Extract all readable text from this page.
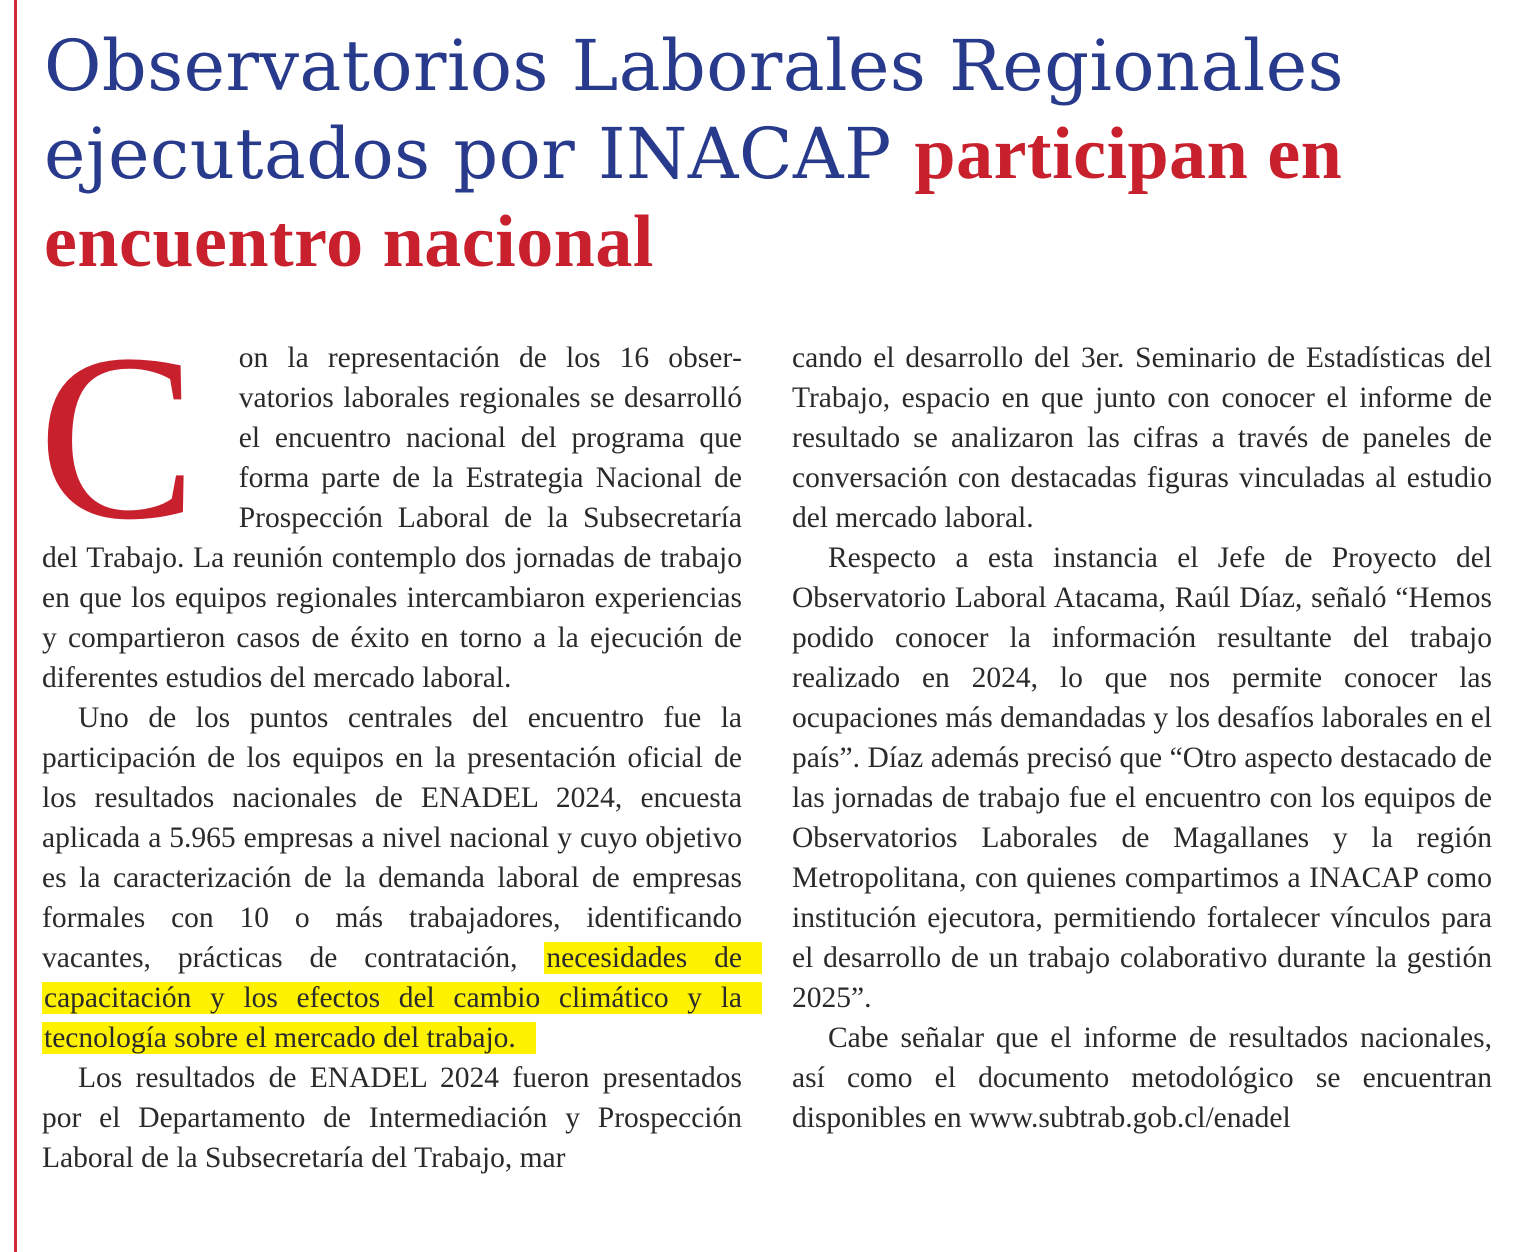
Observatorios Laborales Regionales ejecutados por INACAP participan en encuentro nacional

C on la representación de los 16 observatorios laborales regionales se desarrolló el encuentro nacional del programa que forma parte de la Estrategia Nacional de Prospección Laboral de la Subsecretaría del Trabajo. La reunión contemplo dos jornadas de trabajo en que los equipos regionales intercambiaron experiencias y compartieron casos de éxito en torno a la ejecución de diferentes estudios del mercado laboral.

Uno de los puntos centrales del encuentro fue la participación de los equipos en la presentación oficial de los resultados nacionales de ENADEL 2024, encuesta aplicada a 5.965 empresas a nivel nacional y cuyo objetivo es la caracterización de la demanda laboral de empresas formales con 10 o más trabajadores, identificando vacantes, prácticas de contratación, necesidades de capacitación y los efectos del cambio climático y la tecnología sobre el mercado del trabajo.

Los resultados de ENADEL 2024 fueron presentados por el Departamento de Intermediación y Prospección Laboral de la Subsecretaría del Trabajo, mar

cando el desarrollo del 3er. Seminario de Estadísticas del Trabajo, espacio en que junto con conocer el informe de resultado se analizaron las cifras a través de paneles de conversación con destacadas figuras vinculadas al estudio del mercado laboral.

Respecto a esta instancia el Jefe de Proyecto del Observatorio Laboral Atacama, Raúl Díaz, señaló “Hemos podido conocer la información resultante del trabajo realizado en 2024, lo que nos permite conocer las ocupaciones más demandadas y los desafíos laborales en el país”. Díaz además precisó que “Otro aspecto destacado de las jornadas de trabajo fue el encuentro con los equipos de Observatorios Laborales de Magallanes y la región Metropolitana, con quienes compartimos a INACAP como institución ejecutora, permitiendo fortalecer vínculos para el desarrollo de un trabajo colaborativo durante la gestión 2025”.

Cabe señalar que el informe de resultados nacionales, así como el documento metodológico se encuentran disponibles en www.subtrab.gob.cl/enadel
